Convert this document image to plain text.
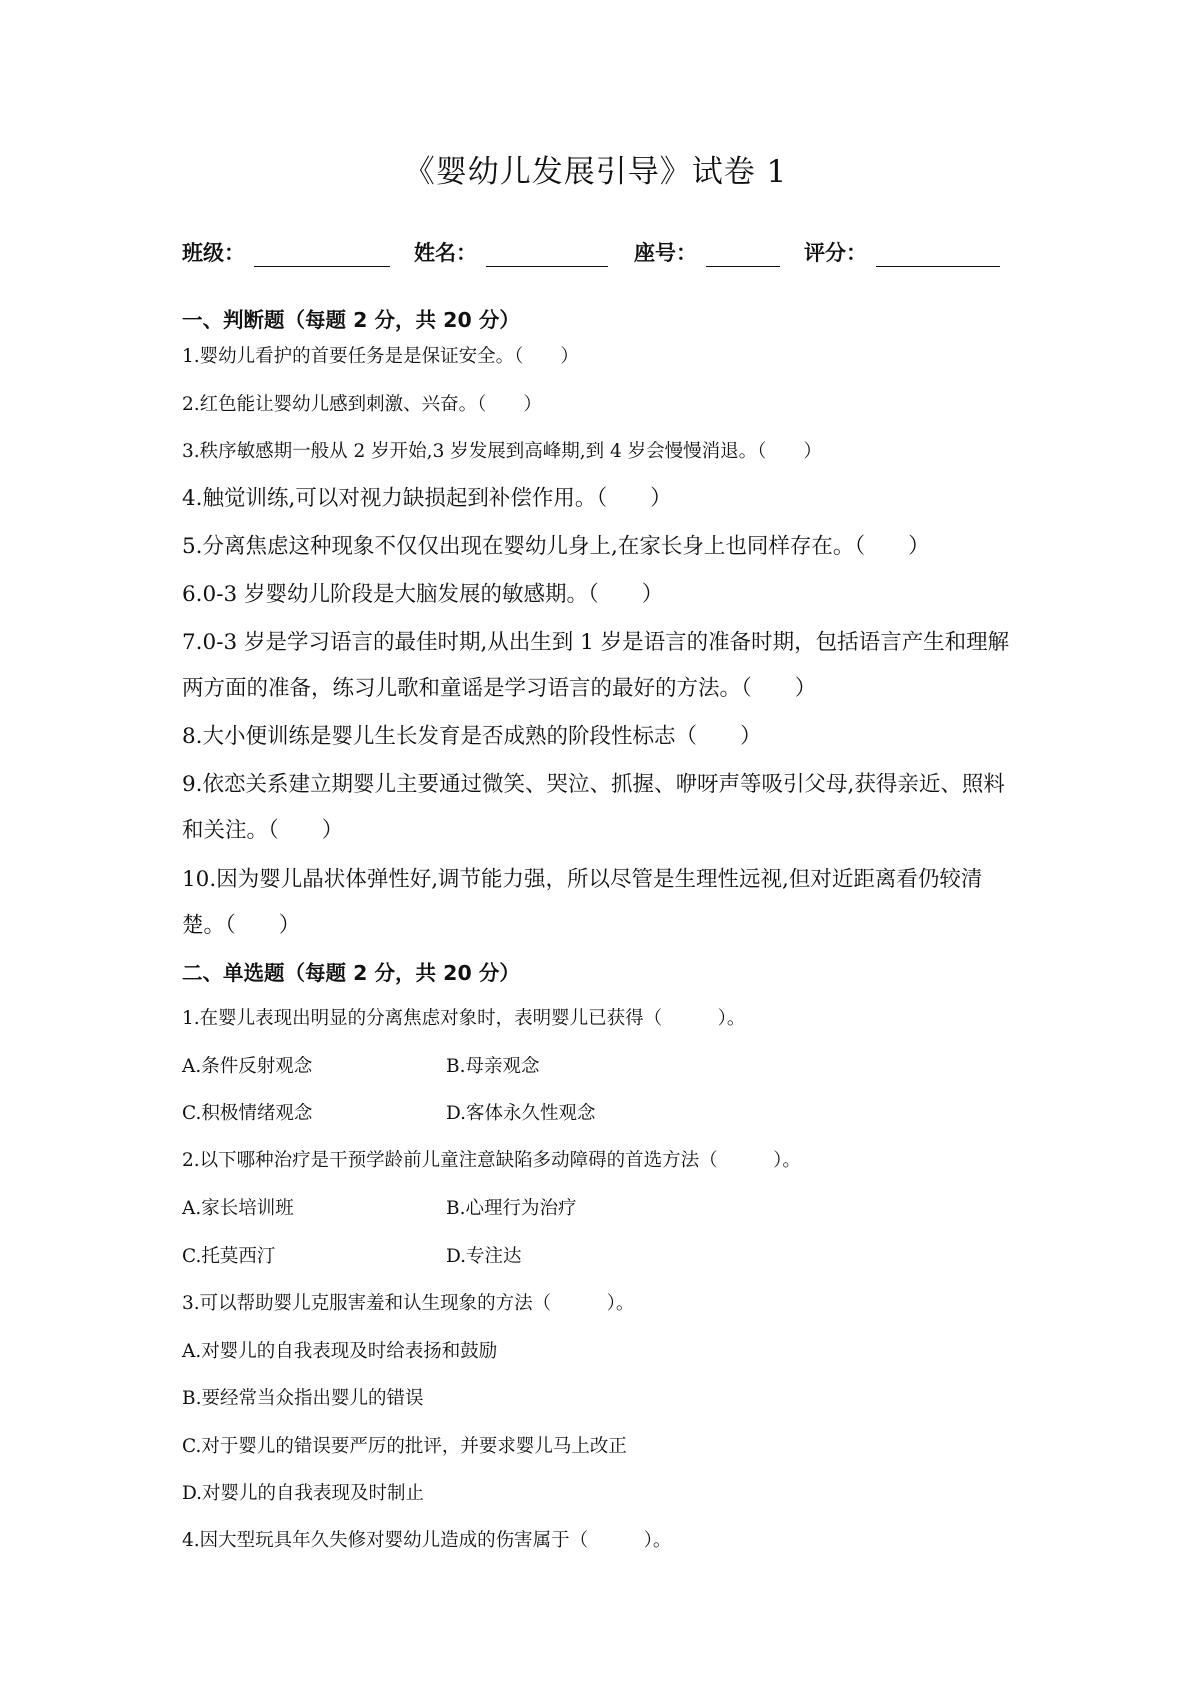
《婴幼儿发展引导》试卷 1
班级：	姓名：	座号：	评分：
一、判断题（每题 2 分，共 20 分）
1.婴幼儿看护的首要任务是是保证安全。（　　）
2.红色能让婴幼儿感到刺激、兴奋。（　　）
3.秩序敏感期一般从 2 岁开始,3 岁发展到高峰期,到 4 岁会慢慢消退。（　　）
4.触觉训练,可以对视力缺损起到补偿作用。（　　）
5.分离焦虑这种现象不仅仅出现在婴幼儿身上,在家长身上也同样存在。（　　）
6.0-3 岁婴幼儿阶段是大脑发展的敏感期。（　　）
7.0-3 岁是学习语言的最佳时期,从出生到 1 岁是语言的准备时期，包括语言产生和理解两方面的准备，练习儿歌和童谣是学习语言的最好的方法。（　　）
8.大小便训练是婴儿生长发育是否成熟的阶段性标志（　　）
9.依恋关系建立期婴儿主要通过微笑、哭泣、抓握、咿呀声等吸引父母,获得亲近、照料和关注。（　　）
10.因为婴儿晶状体弹性好,调节能力强，所以尽管是生理性远视,但对近距离看仍较清楚。（　　）
二、单选题（每题 2 分，共 20 分）
1.在婴儿表现出明显的分离焦虑对象时，表明婴儿已获得（　　　）。
A.条件反射观念	B.母亲观念
C.积极情绪观念	D.客体永久性观念
2.以下哪种治疗是干预学龄前儿童注意缺陷多动障碍的首选方法（　　　）。
A.家长培训班	B.心理行为治疗
C.托莫西汀	D.专注达
3.可以帮助婴儿克服害羞和认生现象的方法（　　　）。
A.对婴儿的自我表现及时给表扬和鼓励
B.要经常当众指出婴儿的错误
C.对于婴儿的错误要严厉的批评，并要求婴儿马上改正
D.对婴儿的自我表现及时制止
4.因大型玩具年久失修对婴幼儿造成的伤害属于（　　　）。
